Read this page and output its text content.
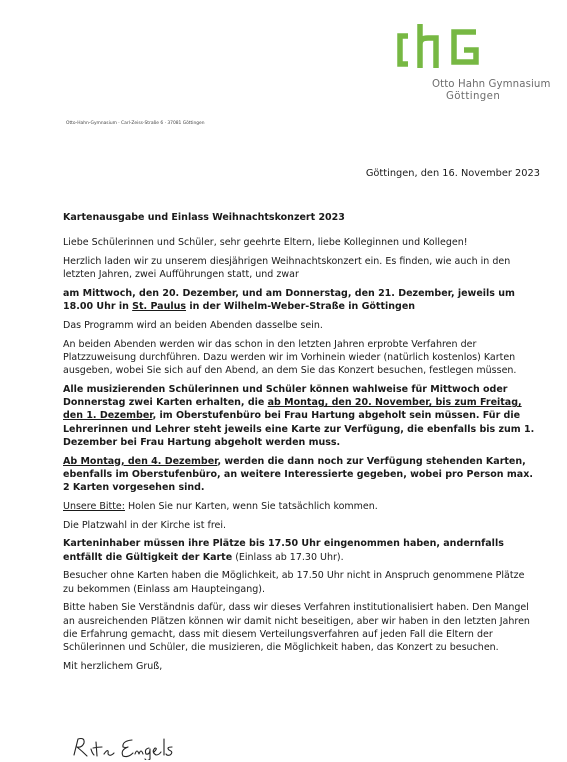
Otto Hahn Gymnasium
Göttingen
Otto-Hahn-Gymnasium · Carl-Zeiss-Straße 6 · 37081 Göttingen
Göttingen, den 16. November 2023

Kartenausgabe und Einlass Weihnachtskonzert 2023

Liebe Schülerinnen und Schüler, sehr geehrte Eltern, liebe Kolleginnen und Kollegen!

Herzlich laden wir zu unserem diesjährigen Weihnachtskonzert ein. Es finden, wie auch in den letzten Jahren, zwei Aufführungen statt, und zwar

am Mittwoch, den 20. Dezember, und am Donnerstag, den 21. Dezember, jeweils um 18.00 Uhr in St. Paulus in der Wilhelm-Weber-Straße in Göttingen

Das Programm wird an beiden Abenden dasselbe sein.

An beiden Abenden werden wir das schon in den letzten Jahren erprobte Verfahren der Platzzuweisung durchführen. Dazu werden wir im Vorhinein wieder (natürlich kostenlos) Karten ausgeben, wobei Sie sich auf den Abend, an dem Sie das Konzert besuchen, festlegen müssen.

Alle musizierenden Schülerinnen und Schüler können wahlweise für Mittwoch oder Donnerstag zwei Karten erhalten, die ab Montag, den 20. November, bis zum Freitag, den 1. Dezember, im Oberstufenbüro bei Frau Hartung abgeholt sein müssen. Für die Lehrerinnen und Lehrer steht jeweils eine Karte zur Verfügung, die ebenfalls bis zum 1. Dezember bei Frau Hartung abgeholt werden muss.

Ab Montag, den 4. Dezember, werden die dann noch zur Verfügung stehenden Karten, ebenfalls im Oberstufenbüro, an weitere Interessierte gegeben, wobei pro Person max. 2 Karten vorgesehen sind.

Unsere Bitte: Holen Sie nur Karten, wenn Sie tatsächlich kommen.

Die Platzwahl in der Kirche ist frei.

Karteninhaber müssen ihre Plätze bis 17.50 Uhr eingenommen haben, andernfalls entfällt die Gültigkeit der Karte (Einlass ab 17.30 Uhr).

Besucher ohne Karten haben die Möglichkeit, ab 17.50 Uhr nicht in Anspruch genommene Plätze zu bekommen (Einlass am Haupteingang).

Bitte haben Sie Verständnis dafür, dass wir dieses Verfahren institutionalisiert haben. Den Mangel an ausreichenden Plätzen können wir damit nicht beseitigen, aber wir haben in den letzten Jahren die Erfahrung gemacht, dass mit diesem Verteilungsverfahren auf jeden Fall die Eltern der Schülerinnen und Schüler, die musizieren, die Möglichkeit haben, das Konzert zu besuchen.

Mit herzlichem Gruß,
